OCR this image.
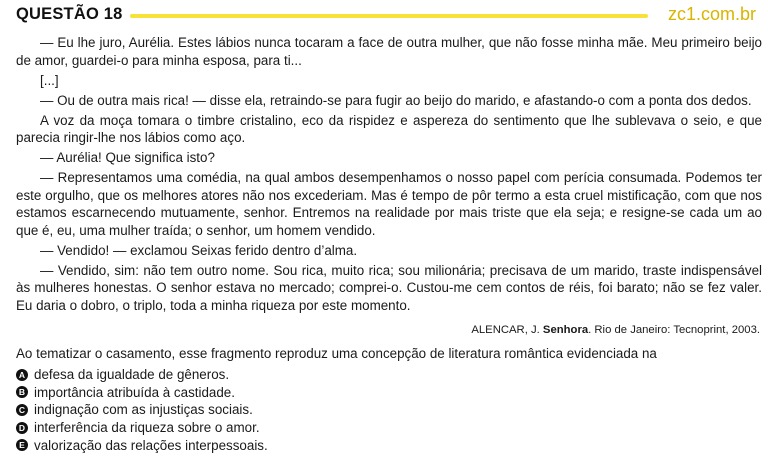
QUESTÃO 18	zc1.com.br

— Eu lhe juro, Aurélia. Estes lábios nunca tocaram a face de outra mulher, que não fosse minha mãe. Meu primeiro beijo de amor, guardei-o para minha esposa, para ti...

[...]

— Ou de outra mais rica! — disse ela, retraindo-se para fugir ao beijo do marido, e afastando-o com a ponta dos dedos.

A voz da moça tomara o timbre cristalino, eco da rispidez e aspereza do sentimento que lhe sublevava o seio, e que parecia ringir-lhe nos lábios como aço.

— Aurélia! Que significa isto?

— Representamos uma comédia, na qual ambos desempenhamos o nosso papel com perícia consumada. Podemos ter este orgulho, que os melhores atores não nos excederiam. Mas é tempo de pôr termo a esta cruel mistificação, com que nos estamos escarnecendo mutuamente, senhor. Entremos na realidade por mais triste que ela seja; e resigne-se cada um ao que é, eu, uma mulher traída; o senhor, um homem vendido.

— Vendido! — exclamou Seixas ferido dentro d’alma.

— Vendido, sim: não tem outro nome. Sou rica, muito rica; sou milionária; precisava de um marido, traste indispensável às mulheres honestas. O senhor estava no mercado; comprei-o. Custou-me cem contos de réis, foi barato; não se fez valer. Eu daria o dobro, o triplo, toda a minha riqueza por este momento.

ALENCAR, J. Senhora. Rio de Janeiro: Tecnoprint, 2003.
Ao tematizar o casamento, esse fragmento reproduz uma concepção de literatura romântica evidenciada na
A defesa da igualdade de gêneros.
B importância atribuída à castidade.
C indignação com as injustiças sociais.
D interferência da riqueza sobre o amor.
E valorização das relações interpessoais.
